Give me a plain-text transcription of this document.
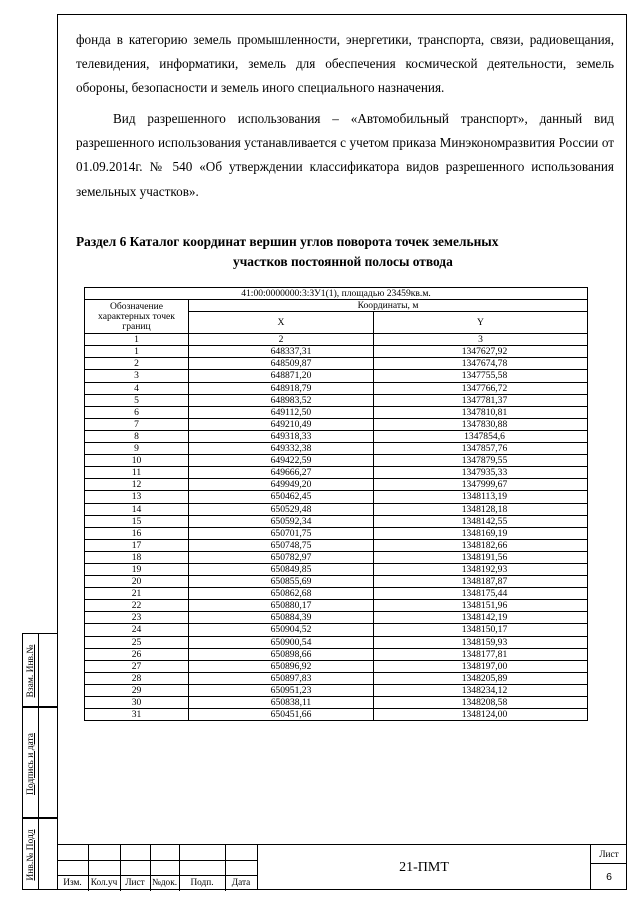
фонда в категорию земель промышленности, энергетики, транспорта, связи, радиовещания, телевидения, информатики, земель для обеспечения космической деятельности, земель обороны, безопасности и земель иного специального назначения.

Вид разрешенного использования – «Автомобильный транспорт», данный вид разрешенного использования устанавливается с учетом приказа Минэкономразвития России от 01.09.2014г. № 540 «Об утверждении классификатора видов разрешенного использования земельных участков».

Раздел 6 Каталог координат вершин углов поворота точек земельных
участков постоянной полосы отвода
41:00:0000000:3:ЗУ1(1), площадью 23459кв.м.		
Обозначение характерных точек границ	Координаты, м	
	X	Y
1	2	3
1	648337,31	1347627,92
2	648509,87	1347674,78
3	648871,20	1347755,58
4	648918,79	1347766,72
5	648983,52	1347781,37
6	649112,50	1347810,81
7	649210,49	1347830,88
8	649318,33	1347854,6
9	649332,38	1347857,76
10	649422,59	1347879,55
11	649666,27	1347935,33
12	649949,20	1347999,67
13	650462,45	1348113,19
14	650529,48	1348128,18
15	650592,34	1348142,55
16	650701,75	1348169,19
17	650748,75	1348182,66
18	650782,97	1348191,56
19	650849,85	1348192,93
20	650855,69	1348187,87
21	650862,68	1348175,44
22	650880,17	1348151,96
23	650884,39	1348142,19
24	650904,52	1348150,17
25	650900,54	1348159,93
26	650898,66	1348177,81
27	650896,92	1348197,00
28	650897,83	1348205,89
29	650951,23	1348234,12
30	650838,11	1348208,58
31	650451,66	1348124,00
Взам. Инв.№
Подпись и дата
Инв.№ Подл
Изм. Кол.уч Лист №док.	Подп.	Дата
21-ПМТ
Лист
6
